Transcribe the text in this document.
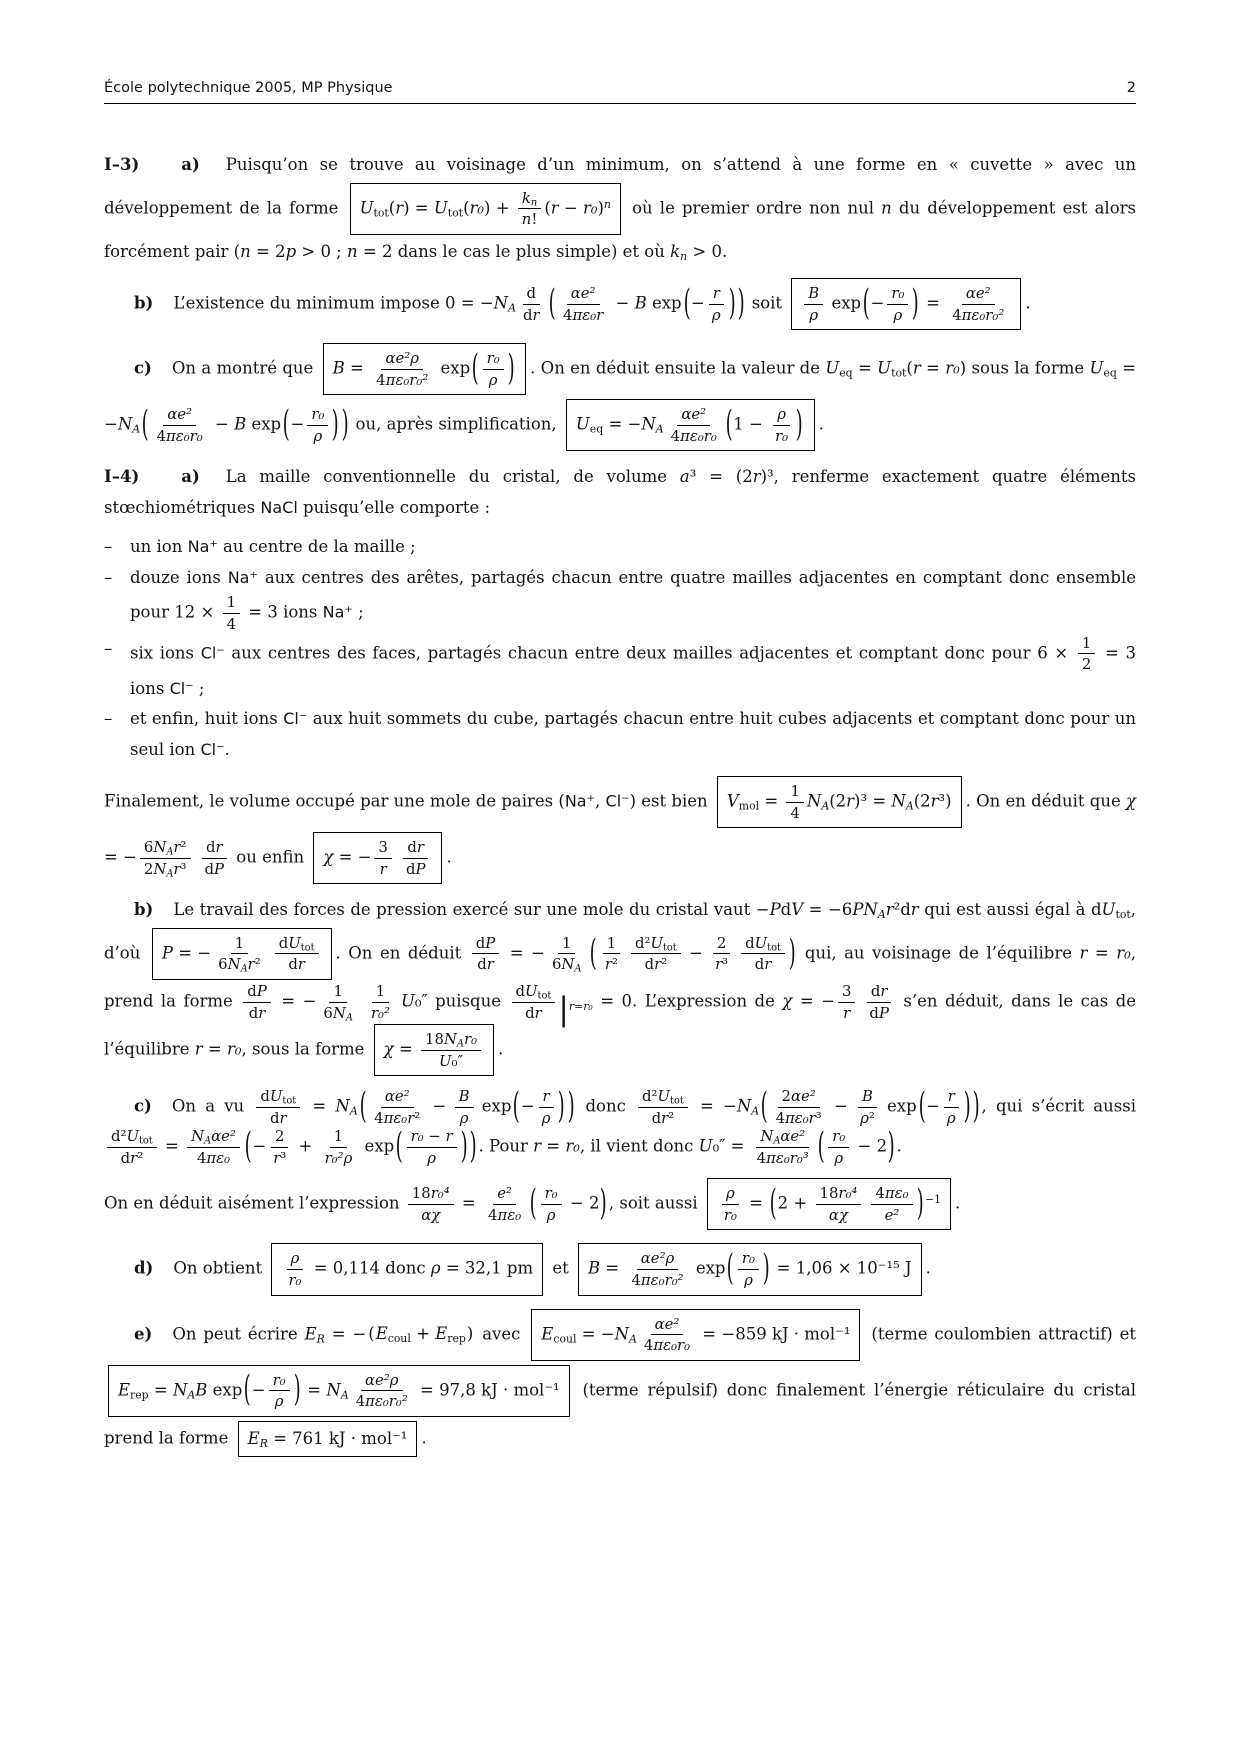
École polytechnique 2005, MP Physique	2
I–3)	a) Puisqu’on se trouve au voisinage d’un minimum, on s’attend à une forme en « cuvette » avec un développement de la forme $U_{tot}(r) = U_{tot}(r_0) + \frac{k_n}{n!} (r - r_0)^n$ où le premier ordre non nul n du développement est alors forcément pair (n = 2p > 0 ; n = 2 dans le cas le plus simple) et où $k_n > 0$.
b) L’existence du minimum impose $0 = -N_A \frac{d}{dr}$ ( $\frac{\text{αe²}}{\text{4πε₀r}} - B$ exp ( − $\frac{r}{\rho}$ ) ) soit $\frac{B}{\rho}$ exp ( − $\frac{\text{r₀}}{\rho}$ ) = $\frac{\text{αe²}}{\text{4πε₀r₀²}}$ .
c) On a montré que $B = \frac{\text{αe²ρ}}{\text{4πε₀r₀²}}$ exp ( $\frac{\text{r₀}}{\rho}$ ) . On en déduit ensuite la valeur de $U_{eq} = U_{tot}(r = r_0)$ sous la forme $U_{eq} = -N_A$ ( $\frac{\text{αe²}}{\text{4πε₀r₀}} - B$ exp ( − $\frac{\text{r₀}}{\rho}$ ) ) ou, après simplification, $U_{eq} = -N_A \frac{\text{αe²}}{\text{4πε₀r₀}}$ ( $1 - \frac{\rho}{\text{r₀}}$ ) .
I–4)	a) La maille conventionnelle du cristal, de volume a³ = (2r)³, renferme exactement quatre éléments stœchiométriques NaCl puisqu’elle comporte :
–	un ion Na⁺ au centre de la maille ;
–	douze ions Na⁺ aux centres des arêtes, partagés chacun entre quatre mailles adjacentes en comptant donc ensemble pour $12 \times \frac{1}{4} = 3$ ions Na⁺ ;
–	six ions Cl⁻ aux centres des faces, partagés chacun entre deux mailles adjacentes et comptant donc pour $6 \times \frac{1}{2} = 3$ ions Cl⁻ ;
–	et enfin, huit ions Cl⁻ aux huit sommets du cube, partagés chacun entre huit cubes adjacents et comptant donc pour un seul ion Cl⁻.
Finalement, le volume occupé par une mole de paires (Na⁺, Cl⁻) est bien $V_{mol} = \frac{1}{4} N_A(2r)^3 = N_A(2r^3)$ . On en déduit que χ = − $\frac{6N_Ar^2}{2N_Ar^3} \frac{dr}{dP}$ ou enfin χ = − $\frac{3}{r} \frac{dr}{dP}$ .
b) Le travail des forces de pression exercé sur une mole du cristal vaut $-PdV = -6PN_Ar^2dr$ qui est aussi égal à $dU_{tot}$, d’où P = − $\frac{1}{6N_Ar^2} \frac{dU_{tot}}{dr}$ . On en déduit $\frac{dP}{dr}$ = − $\frac{1}{6N_A}$ ( $\frac{1}{\text{r²}} \frac{d^2U_{tot}}{\text{dr²}} - \frac{2}{\text{r³}} \frac{dU_{tot}}{dr}$ ) qui, au voisinage de l’équilibre r = r₀, prend la forme $\frac{dP}{dr}$ = − $\frac{1}{6N_A} \frac{1}{\text{r₀²}} U_0''$ puisque $\frac{dU_{tot}}{dr} |_{r=r_0} = 0$. L’expression de χ = − $\frac{3}{r} \frac{dr}{dP}$ s’en déduit, dans le cas de l’équilibre r = r₀, sous la forme $\chi = \frac{18N_Ar_0}{\text{U₀″}}$ .
c) On a vu $\frac{dU_{tot}}{dr} = N_A$ ( $\frac{\text{αe²}}{\text{4πε₀r²}} - \frac{B}{\rho}$ exp ( − $\frac{r}{\rho}$ ) ) donc $\frac{d^2U_{tot}}{\text{dr²}} = -N_A$ ( $\frac{\text{2αe²}}{\text{4πε₀r³}} - \frac{B}{\text{ρ²}}$ exp ( − $\frac{r}{\rho}$ ) ) , qui s’écrit aussi
$\frac{d^2U_{tot}}{\text{dr²}} = \frac{N_A\alpha e^2}{\text{4πε₀}}$ ( − $\frac{2}{\text{r³}} + \frac{1}{\text{r₀²ρ}}$ exp ( $\frac{\text{r₀ − r}}{\rho}$ ) ) . Pour r = r₀, il vient donc $U_0'' = \frac{N_A\alpha e^2}{\text{4πε₀r₀³}}$ ( $\frac{\text{r₀}}{\rho} - 2$ ) .
On en déduit aisément l’expression $\frac{\text{18r₀⁴}}{\alpha\chi} = \frac{\text{e²}}{\text{4πε₀}}$ ( $\frac{\text{r₀}}{\rho} - 2$ ) , soit aussi $\frac{\rho}{\text{r₀}}$ = ( $2 + \frac{\text{18r₀⁴}}{\alpha\chi} \frac{\text{4πε₀}}{\text{e²}}$ ) $^{-1}$ .
d) On obtient $\frac{\rho}{\text{r₀}} = 0,114$ donc ρ = 32,1 pm et $B = \frac{\text{αe²ρ}}{\text{4πε₀r₀²}}$ exp ( $\frac{\text{r₀}}{\rho}$ ) = 1,06 × 10⁻¹⁵ J .
e) On peut écrire $E_R$ = − ( $E_{coul} + E_{rep}$ ) avec $E_{coul} = -N_A \frac{\text{αe²}}{\text{4πε₀r₀}} = -859$ kJ · mol⁻¹ (terme coulombien attractif) et $E_{rep} = N_AB$ exp ( − $\frac{\text{r₀}}{\rho}$ ) = $N_A \frac{\text{αe²ρ}}{\text{4πε₀r₀²}} = 97,8$ kJ · mol⁻¹ (terme répulsif) donc finalement l’énergie réticulaire du cristal prend la forme $E_R = 761$ kJ · mol⁻¹ .
